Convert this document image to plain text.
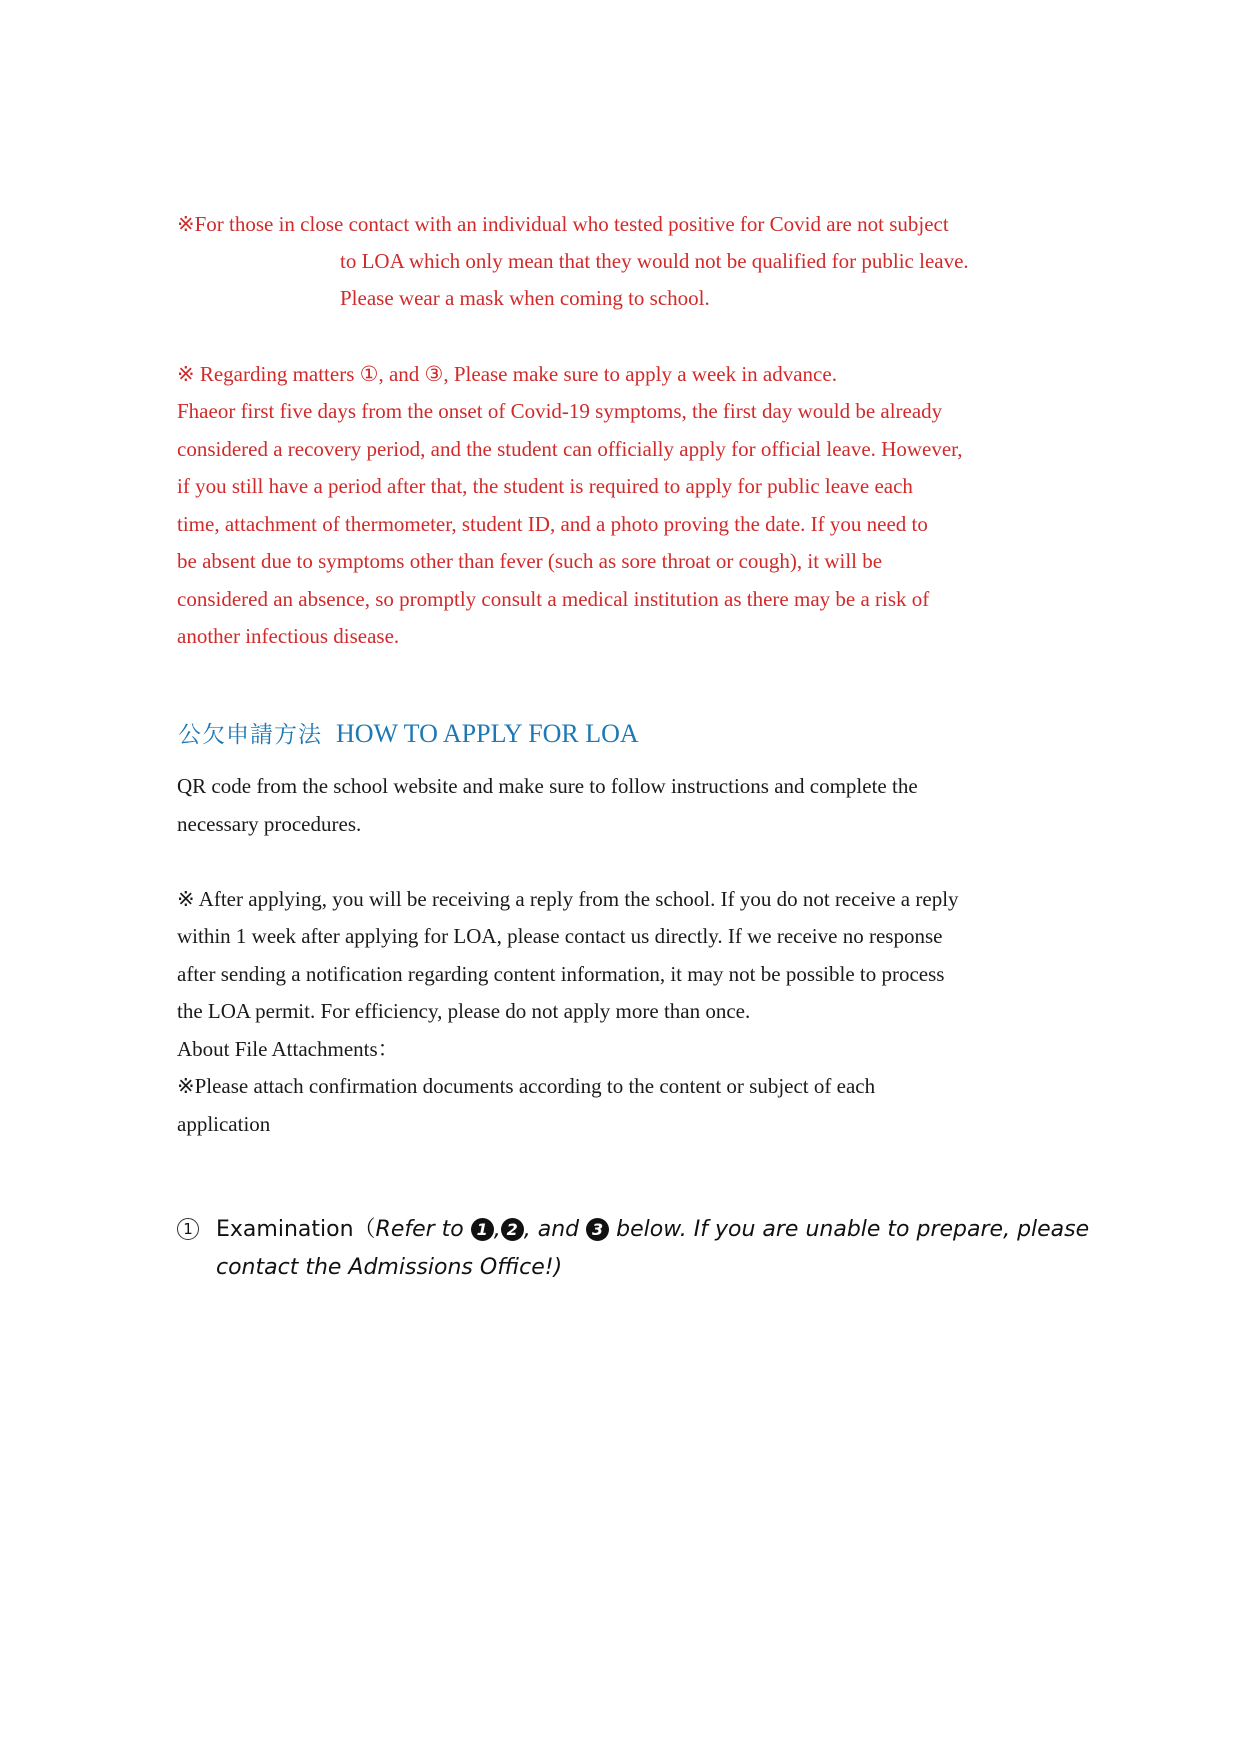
※For those in close contact with an individual who tested positive for Covid are not subject
to LOA which only mean that they would not be qualified for public leave.
Please wear a mask when coming to school.
※ Regarding matters ①, and ③, Please make sure to apply a week in advance.
Fhaeor first five days from the onset of Covid-19 symptoms, the first day would be already
considered a recovery period, and the student can officially apply for official leave. However,
if you still have a period after that, the student is required to apply for public leave each
time, attachment of thermometer, student ID, and a photo proving the date. If you need to
be absent due to symptoms other than fever (such as sore throat or cough), it will be
considered an absence, so promptly consult a medical institution as there may be a risk of
another infectious disease.
公欠申請方法 HOW TO APPLY FOR LOA
QR code from the school website and make sure to follow instructions and complete the
necessary procedures.
※ After applying, you will be receiving a reply from the school. If you do not receive a reply
within 1 week after applying for LOA, please contact us directly. If we receive no response
after sending a notification regarding content information, it may not be possible to process
the LOA permit. For efficiency, please do not apply more than once.
About File Attachments：
※Please attach confirmation documents according to the content or subject of each
application
1 Examination（Refer to 1 , 2 , and 3 below. If you are unable to prepare, please
contact the Admissions Office!)
